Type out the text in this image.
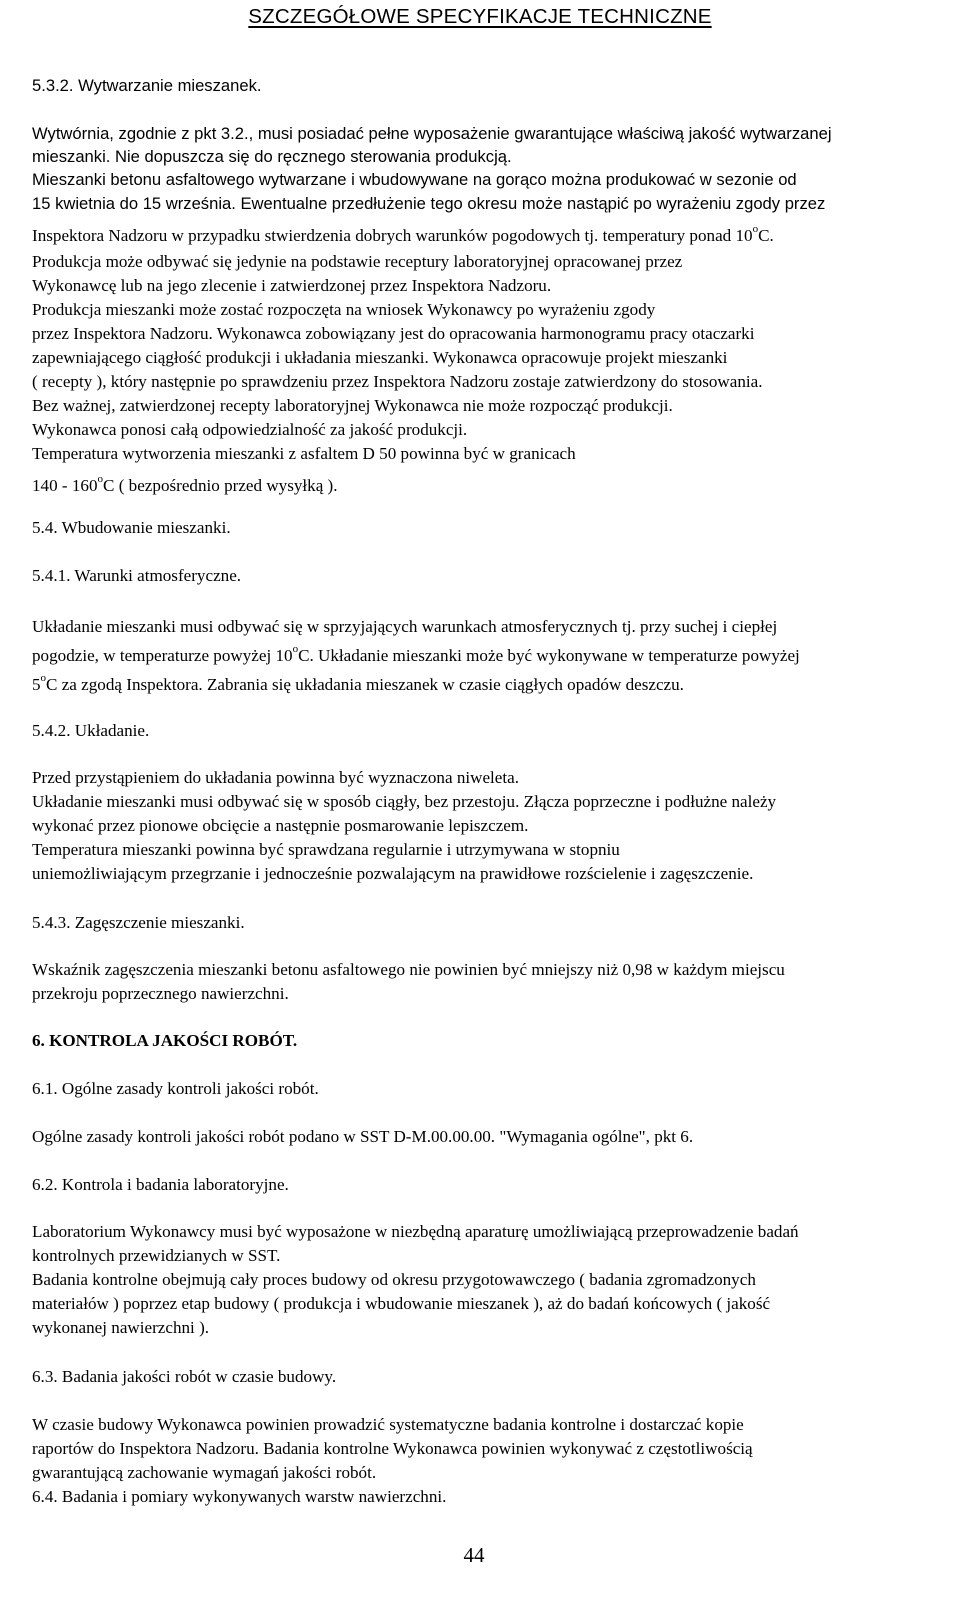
SZCZEGÓŁOWE SPECYFIKACJE TECHNICZNE
5.3.2. Wytwarzanie mieszanek.
Wytwórnia, zgodnie z pkt 3.2., musi posiadać pełne wyposażenie gwarantujące właściwą jakość wytwarzanej
mieszanki. Nie dopuszcza się do ręcznego sterowania produkcją.
Mieszanki betonu asfaltowego wytwarzane i wbudowywane na gorąco można produkować w sezonie od
15 kwietnia do 15 września. Ewentualne przedłużenie tego okresu może nastąpić po wyrażeniu zgody przez
Inspektora Nadzoru w przypadku stwierdzenia dobrych warunków pogodowych tj. temperatury ponad 10$^o$C.
Produkcja może odbywać się jedynie na podstawie receptury laboratoryjnej opracowanej przez
Wykonawcę lub na jego zlecenie i zatwierdzonej przez Inspektora Nadzoru.
Produkcja mieszanki może zostać rozpoczęta na wniosek Wykonawcy po wyrażeniu zgody
przez Inspektora Nadzoru. Wykonawca zobowiązany jest do opracowania harmonogramu pracy otaczarki
zapewniającego ciągłość produkcji i układania mieszanki. Wykonawca opracowuje projekt mieszanki
( recepty ), który następnie po sprawdzeniu przez Inspektora Nadzoru zostaje zatwierdzony do stosowania.
Bez ważnej, zatwierdzonej recepty laboratoryjnej Wykonawca nie może rozpocząć produkcji.
Wykonawca ponosi całą odpowiedzialność za jakość produkcji.
Temperatura wytworzenia mieszanki z asfaltem D 50 powinna być w granicach
140 - 160$^o$C ( bezpośrednio przed wysyłką ).
5.4. Wbudowanie mieszanki.
5.4.1. Warunki atmosferyczne.
Układanie mieszanki musi odbywać się w sprzyjających warunkach atmosferycznych tj. przy suchej i ciepłej
pogodzie, w temperaturze powyżej 10$^o$C. Układanie mieszanki może być wykonywane w temperaturze powyżej
5$^o$C za zgodą Inspektora. Zabrania się układania mieszanek w czasie ciągłych opadów deszczu.
5.4.2. Układanie.
Przed przystąpieniem do układania powinna być wyznaczona niweleta.
Układanie mieszanki musi odbywać się w sposób ciągły, bez przestoju. Złącza poprzeczne i podłużne należy
wykonać przez pionowe obcięcie a następnie posmarowanie lepiszczem.
Temperatura mieszanki powinna być sprawdzana regularnie i utrzymywana w stopniu
uniemożliwiającym przegrzanie i jednocześnie pozwalającym na prawidłowe rozścielenie i zagęszczenie.
5.4.3. Zagęszczenie mieszanki.
Wskaźnik zagęszczenia mieszanki betonu asfaltowego nie powinien być mniejszy niż 0,98 w każdym miejscu
przekroju poprzecznego nawierzchni.
6. KONTROLA JAKOŚCI ROBÓT.
6.1. Ogólne zasady kontroli jakości robót.
Ogólne zasady kontroli jakości robót podano w SST D-M.00.00.00. "Wymagania ogólne", pkt 6.
6.2. Kontrola i badania laboratoryjne.
Laboratorium Wykonawcy musi być wyposażone w niezbędną aparaturę umożliwiającą przeprowadzenie badań
kontrolnych przewidzianych w SST.
Badania kontrolne obejmują cały proces budowy od okresu przygotowawczego ( badania zgromadzonych
materiałów ) poprzez etap budowy ( produkcja i wbudowanie mieszanek ), aż do badań końcowych ( jakość
wykonanej nawierzchni ).
6.3. Badania jakości robót w czasie budowy.
W czasie budowy Wykonawca powinien prowadzić systematyczne badania kontrolne i dostarczać kopie
raportów do Inspektora Nadzoru. Badania kontrolne Wykonawca powinien wykonywać z częstotliwością
gwarantującą zachowanie wymagań jakości robót.
6.4. Badania i pomiary wykonywanych warstw nawierzchni.
44
